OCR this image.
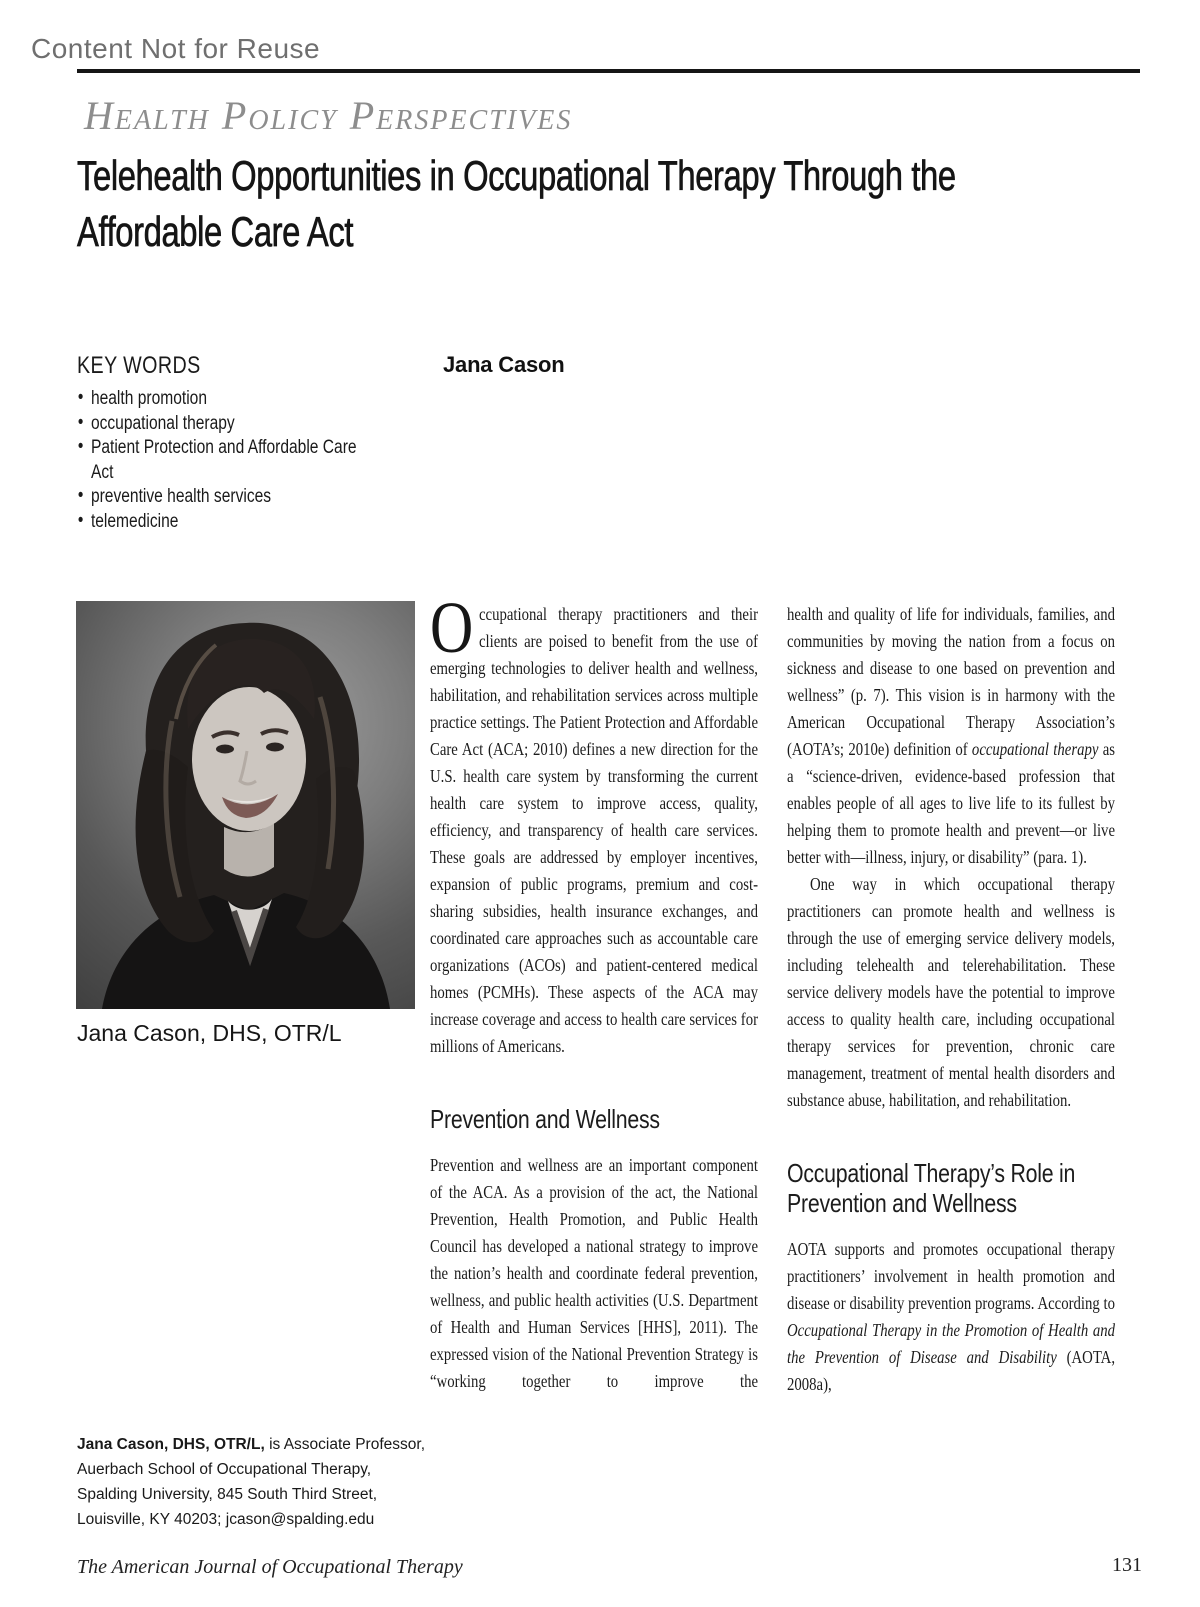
Content Not for Reuse
Health Policy Perspectives
Telehealth Opportunities in Occupational Therapy Through the
Affordable Care Act
KEY WORDS
• health promotion
• occupational therapy
• Patient Protection and Affordable Care Act
• preventive health services
• telemedicine
Jana Cason
Jana Cason, DHS, OTR/L

Occupational therapy practitioners and their clients are poised to benefit from the use of emerging technologies to deliver health and wellness, habilitation, and rehabilitation services across multiple practice settings. The Patient Protection and Affordable Care Act (ACA; 2010) defines a new direction for the U.S. health care system by transforming the current health care system to improve access, quality, efficiency, and transparency of health care services. These goals are addressed by employer incentives, expansion of public programs, premium and cost-sharing subsidies, health insurance exchanges, and coordinated care approaches such as accountable care organizations (ACOs) and patient-centered medical homes (PCMHs). These aspects of the ACA may increase coverage and access to health care services for millions of Americans.

Prevention and Wellness

Prevention and wellness are an important component of the ACA. As a provision of the act, the National Prevention, Health Promotion, and Public Health Council has developed a national strategy to improve the nation’s health and coordinate federal prevention, wellness, and public health activities (U.S. Department of Health and Human Services [HHS], 2011). The expressed vision of the National Prevention Strategy is “working together to improve the

health and quality of life for individuals, families, and communities by moving the nation from a focus on sickness and disease to one based on prevention and wellness” (p. 7). This vision is in harmony with the American Occupational Therapy Association’s (AOTA’s; 2010e) definition of occupational therapy as a “science-driven, evidence-based profession that enables people of all ages to live life to its fullest by helping them to promote health and prevent—or live better with—illness, injury, or disability” (para. 1).

One way in which occupational therapy practitioners can promote health and wellness is through the use of emerging service delivery models, including telehealth and telerehabilitation. These service delivery models have the potential to improve access to quality health care, including occupational therapy services for prevention, chronic care management, treatment of mental health disorders and substance abuse, habilitation, and rehabilitation.

Occupational Therapy’s Role in Prevention and Wellness

AOTA supports and promotes occupational therapy practitioners’ involvement in health promotion and disease or disability prevention programs. According to Occupational Therapy in the Promotion of Health and the Prevention of Disease and Disability (AOTA, 2008a),

Jana Cason, DHS, OTR/L, is Associate Professor, Auerbach School of Occupational Therapy, Spalding University, 845 South Third Street, Louisville, KY 40203; jcason@spalding.edu
The American Journal of Occupational Therapy	131
